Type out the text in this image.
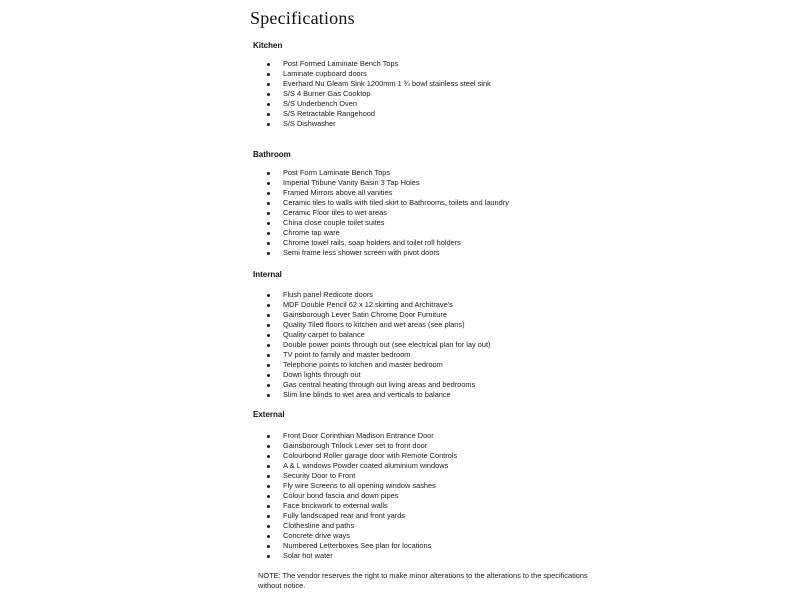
Specifications
Kitchen
Post Formed Laminate Bench Tops
Laminate cupboard doors
Everhard Nu Gleam Sink 1200mm 1 ¾ bowl stainless steel sink
S/S 4 Burner Gas Cooktop
S/S Underbench Oven
S/S Retractable Rangehood
S/S Dishwasher
Bathroom
Post Form Laminate Bench Tops
Imperial Tribune Vanity Basin 3 Tap Holes
Framed Mirrors above all vanities
Ceramic tiles to walls with tiled skirt to Bathrooms, toilets and laundry
Ceramic Floor tiles to wet areas
China close couple toilet suites
Chrome tap ware
Chrome towel rails, soap holders and toilet roll holders
Semi frame less shower screen with pivot doors
Internal
Flush panel Redicote doors
MDF Double Pencil 62 x 12 skirting and Architrave's
Gainsborough Lever Satin Chrome Door Furniture
Quality Tiled floors to kitchen and wet areas (see plans)
Quality carpet to balance
Double power points through out (see electrical plan for lay out)
TV point to family and master bedroom
Telephone points to kitchen and master bedroom
Down lights through out
Gas central heating through out living areas and bedrooms
Slim line blinds to wet area and verticals to balance
External
Front Door Corinthian Madison Entrance Door
Gainsborough Trilock Lever set to front door
Colourbond Roller garage door with Remote Controls
A & L windows Powder coated aluminium windows
Security Door to Front
Fly wire Screens to all opening window sashes
Colour bond fascia and down pipes
Face brickwork to external walls
Fully landscaped rear and front yards
Clothesline and paths
Concrete drive ways
Numbered Letterboxes See plan for locations
Solar hot water
NOTE: The vendor reserves the right to make minor alterations to the alterations to the specifications without notice.
